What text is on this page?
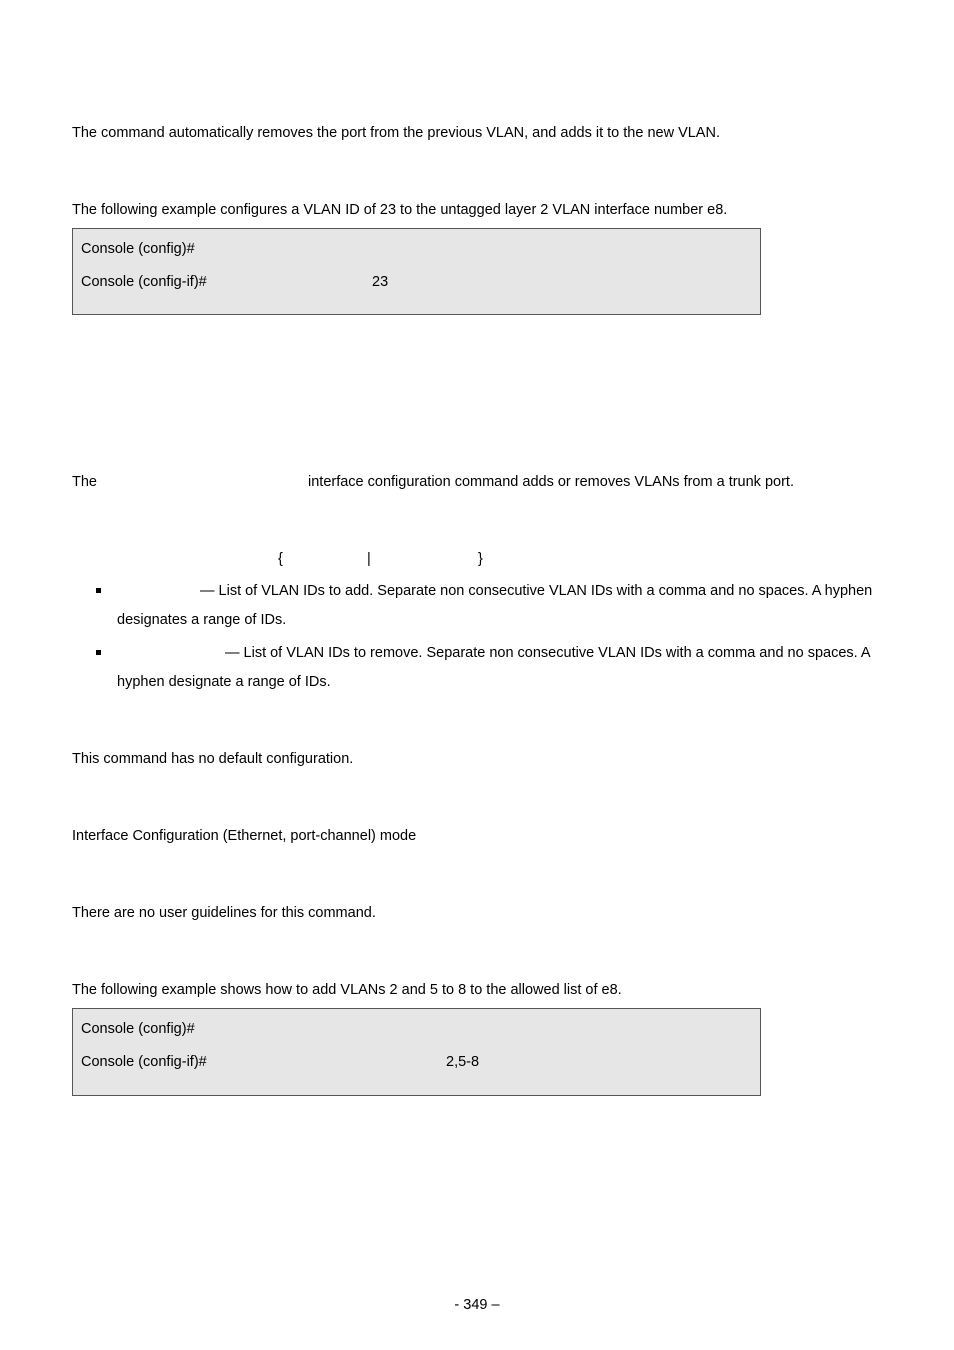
The command automatically removes the port from the previous VLAN, and adds it to the new VLAN.
The following example configures a VLAN ID of 23 to the untagged layer 2 VLAN interface number e8.
Console (config)#
Console (config-if)#	23
The	interface configuration command adds or removes VLANs from a trunk port.
{	|	}
— List of VLAN IDs to add. Separate non consecutive VLAN IDs with a comma and no spaces. A hyphen
designates a range of IDs.
— List of VLAN IDs to remove. Separate non consecutive VLAN IDs with a comma and no spaces. A
hyphen designate a range of IDs.
This command has no default configuration.
Interface Configuration (Ethernet, port-channel) mode
There are no user guidelines for this command.
The following example shows how to add VLANs 2 and 5 to 8 to the allowed list of e8.
Console (config)#
Console (config-if)#	2,5-8
- 349 –
